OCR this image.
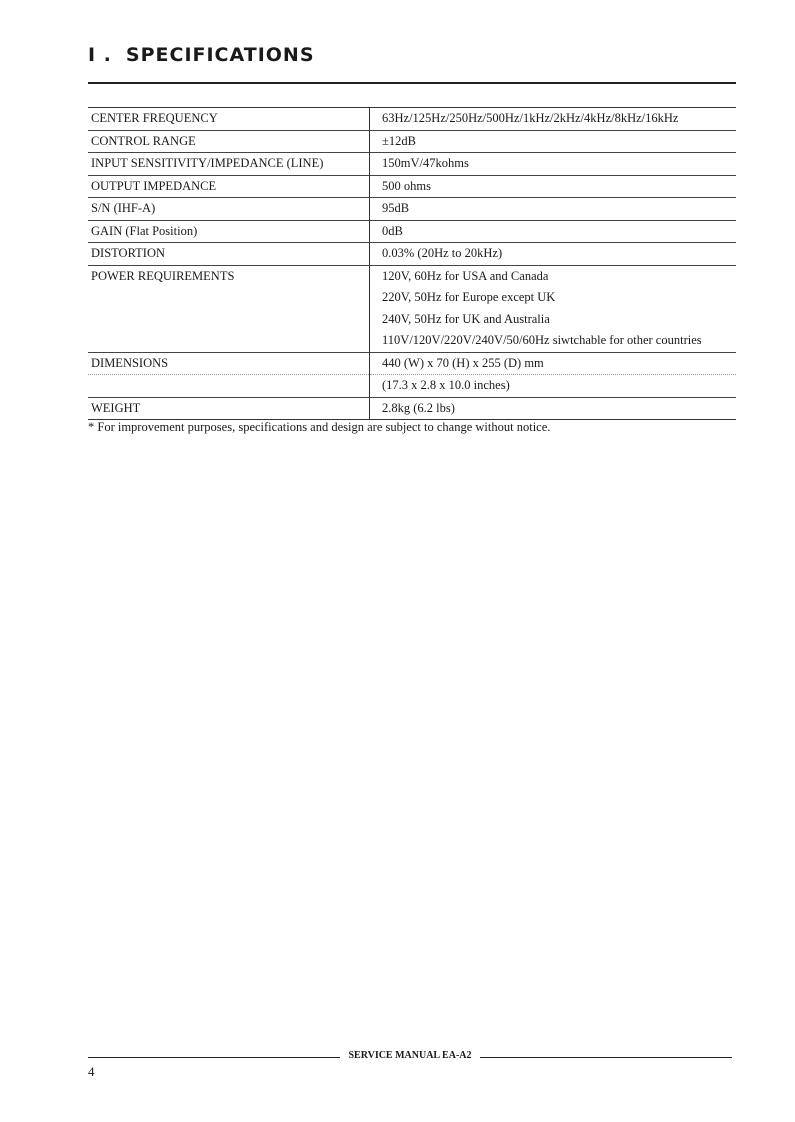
I . SPECIFICATIONS
CENTER FREQUENCY	63Hz/125Hz/250Hz/500Hz/1kHz/2kHz/4kHz/8kHz/16kHz
CONTROL RANGE	±12dB
INPUT SENSITIVITY/IMPEDANCE (LINE)	150mV/47kohms
OUTPUT IMPEDANCE	500 ohms
S/N (IHF-A)	95dB
GAIN (Flat Position)	0dB
DISTORTION	0.03% (20Hz to 20kHz)
POWER REQUIREMENTS	120V, 60Hz for USA and Canada
	220V, 50Hz for Europe except UK
	240V, 50Hz for UK and Australia
	110V/120V/220V/240V/50/60Hz siwtchable for other countries
DIMENSIONS	440 (W) x 70 (H) x 255 (D) mm
	(17.3 x 2.8 x 10.0 inches)
WEIGHT	2.8kg (6.2 lbs)
* For improvement purposes, specifications and design are subject to change without notice.
SERVICE MANUAL EA-A2
4
